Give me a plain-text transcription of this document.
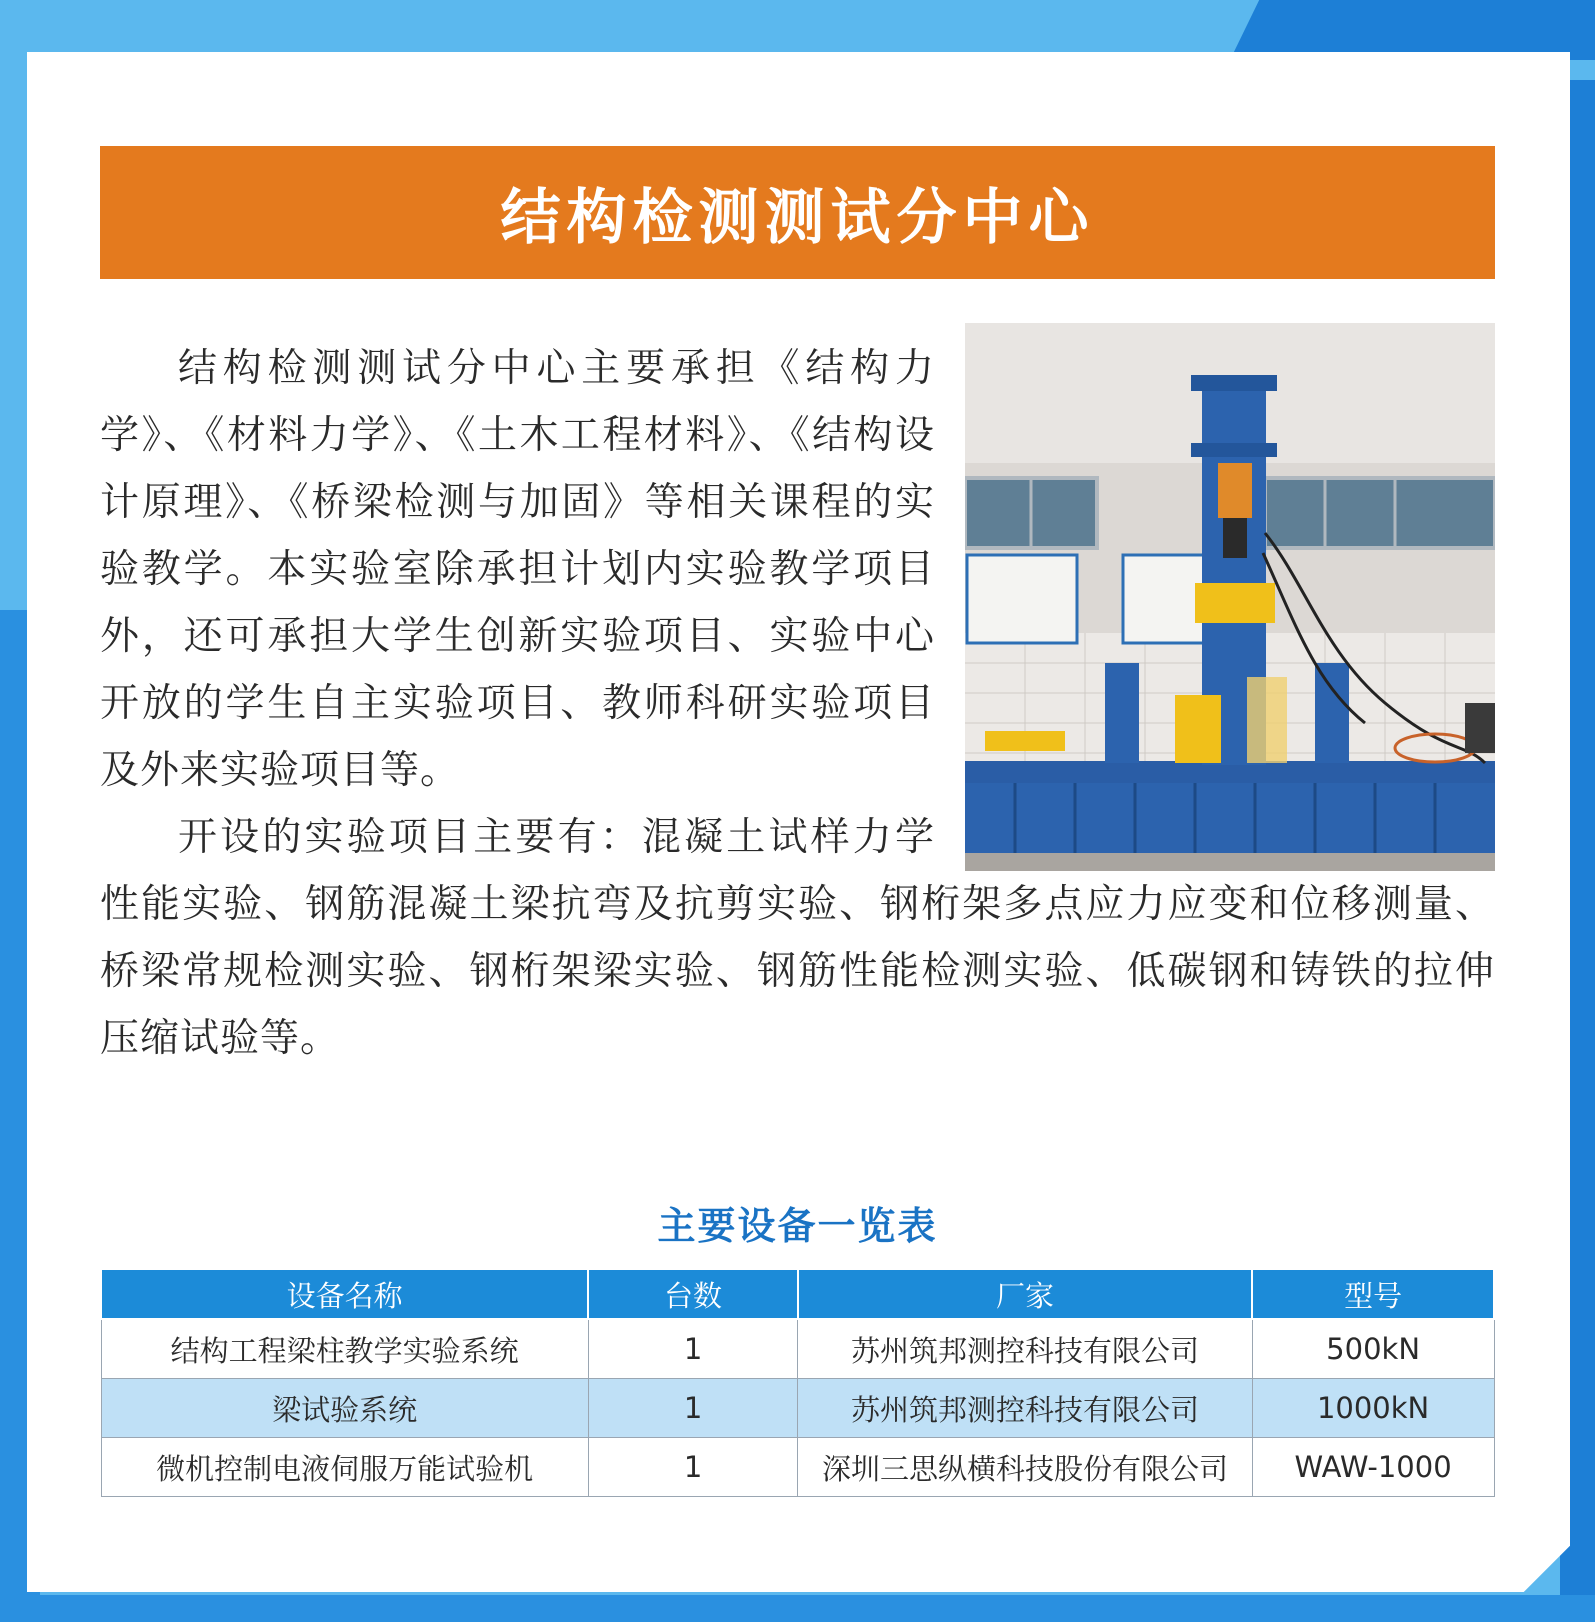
结构检测测试分中心

结构检测测试分中心主要承担《结构力学》、《材料力学》、《土木工程材料》、《结构设计原理》、《桥梁检测与加固》等相关课程的实验教学。本实验室除承担计划内实验教学项目外，还可承担大学生创新实验项目、实验中心开放的学生自主实验项目、教师科研实验项目及外来实验项目等。

开设的实验项目主要有：混凝土试样力学性能实验、钢筋混凝土梁抗弯及抗剪实验、钢桁架多点应力应变和位移测量、桥梁常规检测实验、钢桁架梁实验、钢筋性能检测实验、低碳钢和铸铁的拉伸压缩试验等。

主要设备一览表
设备名称	台数	厂家	型号
结构工程梁柱教学实验系统	1	苏州筑邦测控科技有限公司	500kN
梁试验系统	1	苏州筑邦测控科技有限公司	1000kN
微机控制电液伺服万能试验机	1	深圳三思纵横科技股份有限公司	WAW-1000
